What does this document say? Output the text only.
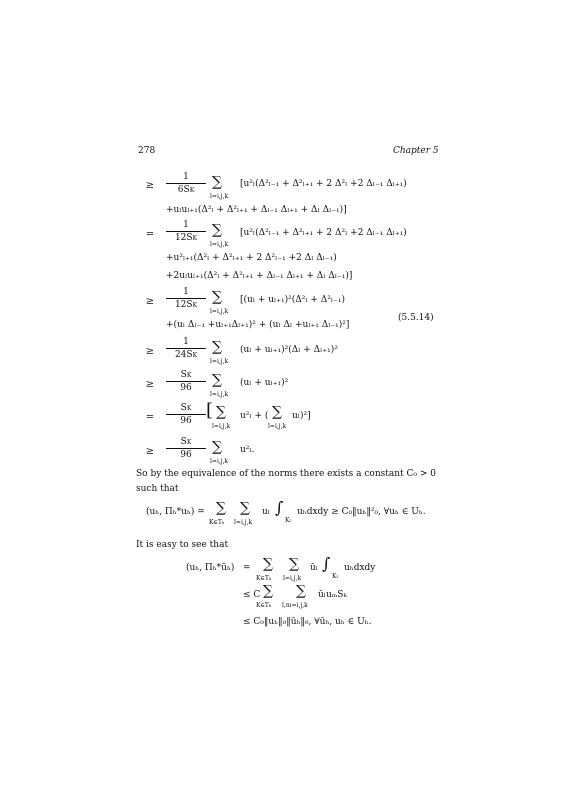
278	Chapter 5
≥	$\frac{1}{6SK}$ ∑
l=i,j,k
[u²ₗ(Δ²ₗ₋₁ + Δ²ₗ₊₁ + 2 Δ²ₗ +2 Δₗ₋₁ Δₗ₊₁)
+uₗuₗ₊₁(Δ²ₗ + Δ²ₗ₊₁ + Δₗ₋₁ Δₗ₊₁ + Δₗ Δₗ₋₁)]
=	$\frac{1}{12SK}$ ∑
l=i,j,k
[u²ₗ(Δ²ₗ₋₁ + Δ²ₗ₊₁ + 2 Δ²ₗ +2 Δₗ₋₁ Δₗ₊₁)
+u²ₗ₊₁(Δ²ₗ + Δ²ₗ₊₁ + 2 Δ²ₗ₋₁ +2 Δₗ Δₗ₋₁)
+2uₗuₗ₊₁(Δ²ₗ + Δ²ₗ₊₁ + Δₗ₋₁ Δₗ₊₁ + Δₗ Δₗ₋₁)]
≥	$\frac{1}{12SK}$ ∑
l=i,j,k
[(uₗ + uₗ₊₁)²(Δ²ₗ + Δ²ₗ₋₁)
+(uₗ Δₗ₋₁ +uₗ₊₁Δₗ₊₁)² + (uₗ Δₗ +uₗ₊₁ Δₗ₋₁)²]
≥	$\frac{1}{24SK}$ ∑
l=i,j,k
(uₗ + uₗ₊₁)²(Δₗ + Δₗ₊₁)²
≥	$\frac{SK}{96}$ ∑
l=i,j,k
(uₗ + uₗ₊₁)²
=	$\frac{SK}{96}$ [ ∑
l=i,j,k
u²ₗ + ( ∑
l=i,j,k
uₗ)²]
≥	$\frac{SK}{96}$ ∑
l=i,j,k
u²ₗ.
(5.5.14)
So by the equivalence of the norms there exists a constant C₀ > 0
such that
(uₕ, Πₕ*uₕ) = ∑
K∈Tₕ
∑
l=i,j,k
uₗ ∫
Kₗ
uₕdxdy ≥ C₀‖uₕ‖²₀, ∀uₕ ∈ Uₕ.
It is easy to see that
(uₕ, Πₕ*ūₕ) = ∑
K∈Tₕ
∑
l=i,j,k
ūₗ ∫
Kₗ
uₕdxdy
≤ C ∑
K∈Tₕ
∑
l,m=i,j,k
ūₗuₘSₖ
≤ C₀‖uₕ‖₀‖ūₕ‖₀, ∀ūₕ, uₕ ∈ Uₕ.
